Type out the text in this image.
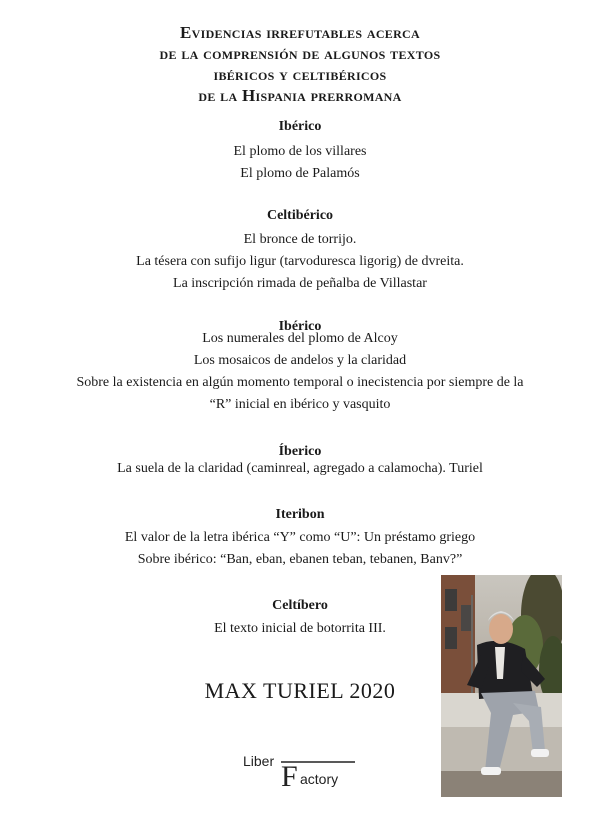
Evidencias irrefutables acerca
de la comprensión de algunos textos
ibéricos y celtibéricos
de la Hispania prerromana
Ibérico
El plomo de los villares
El plomo de Palamós
Celtibérico
El bronce de torrijo.
La tésera con sufijo ligur (tarvoduresca ligorig) de dvreita.
La inscripción rimada de peñalba de Villastar
Ibérico
Los numerales del plomo de Alcoy
Los mosaicos de andelos y la claridad
Sobre la existencia en algún momento temporal o inecistencia por siempre de la
“R” inicial en ibérico y vasquito
Íberico
La suela de la claridad (caminreal, agregado a calamocha). Turiel
Iteribon
El valor de la letra ibérica “Y” como “U”: Un préstamo griego
Sobre ibérico: “Ban, eban, ebanen teban, tebanen, Banv?”
Celtíbero
El texto inicial de botorrita III.
MAX TURIEL 2020
Liber F actory
